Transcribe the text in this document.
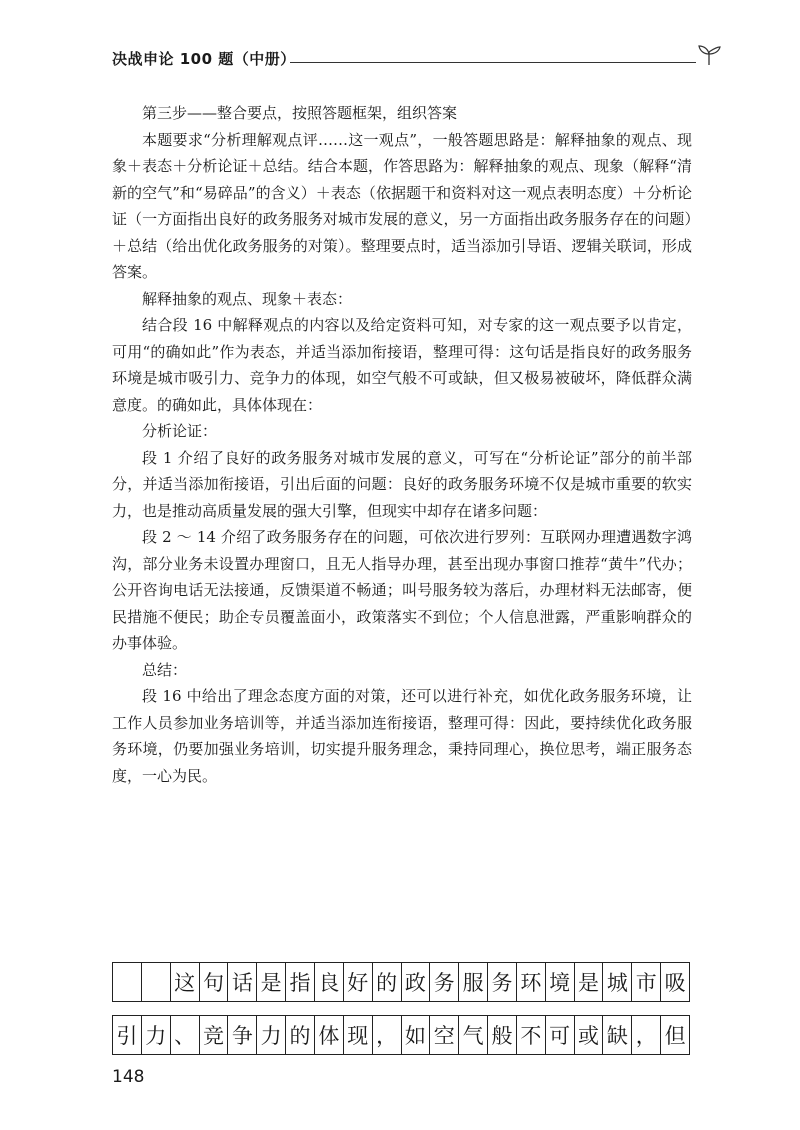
决战申论 100 题（中册）

第三步——整合要点，按照答题框架，组织答案

本题要求“分析理解观点评……这一观点”，一般答题思路是：解释抽象的观点、现象＋表态＋分析论证＋总结。结合本题，作答思路为：解释抽象的观点、现象（解释“清新的空气”和“易碎品”的含义）＋表态（依据题干和资料对这一观点表明态度）＋分析论证（一方面指出良好的政务服务对城市发展的意义，另一方面指出政务服务存在的问题）＋总结（给出优化政务服务的对策）。整理要点时，适当添加引导语、逻辑关联词，形成答案。

解释抽象的观点、现象＋表态：

结合段 16 中解释观点的内容以及给定资料可知，对专家的这一观点要予以肯定，可用“的确如此”作为表态，并适当添加衔接语，整理可得：这句话是指良好的政务服务环境是城市吸引力、竞争力的体现，如空气般不可或缺，但又极易被破坏，降低群众满意度。的确如此，具体体现在：

分析论证：

段 1 介绍了良好的政务服务对城市发展的意义，可写在“分析论证”部分的前半部分，并适当添加衔接语，引出后面的问题：良好的政务服务环境不仅是城市重要的软实力，也是推动高质量发展的强大引擎，但现实中却存在诸多问题：

段 2 ～ 14 介绍了政务服务存在的问题，可依次进行罗列：互联网办理遭遇数字鸿沟，部分业务未设置办理窗口，且无人指导办理，甚至出现办事窗口推荐“黄牛”代办；公开咨询电话无法接通，反馈渠道不畅通；叫号服务较为落后，办理材料无法邮寄，便民措施不便民；助企专员覆盖面小，政策落实不到位；个人信息泄露，严重影响群众的办事体验。

总结：

段 16 中给出了理念态度方面的对策，还可以进行补充，如优化政务服务环境，让工作人员参加业务培训等，并适当添加连衔接语，整理可得：因此，要持续优化政务服务环境，仍要加强业务培训，切实提升服务理念，秉持同理心，换位思考，端正服务态度，一心为民。

这 句 话 是 指 良 好 的 政 务 服 务 环 境 是 城 市 吸
引 力 、 竞 争 力 的 体 现 ， 如 空 气 般 不 可 或 缺 ， 但
148
